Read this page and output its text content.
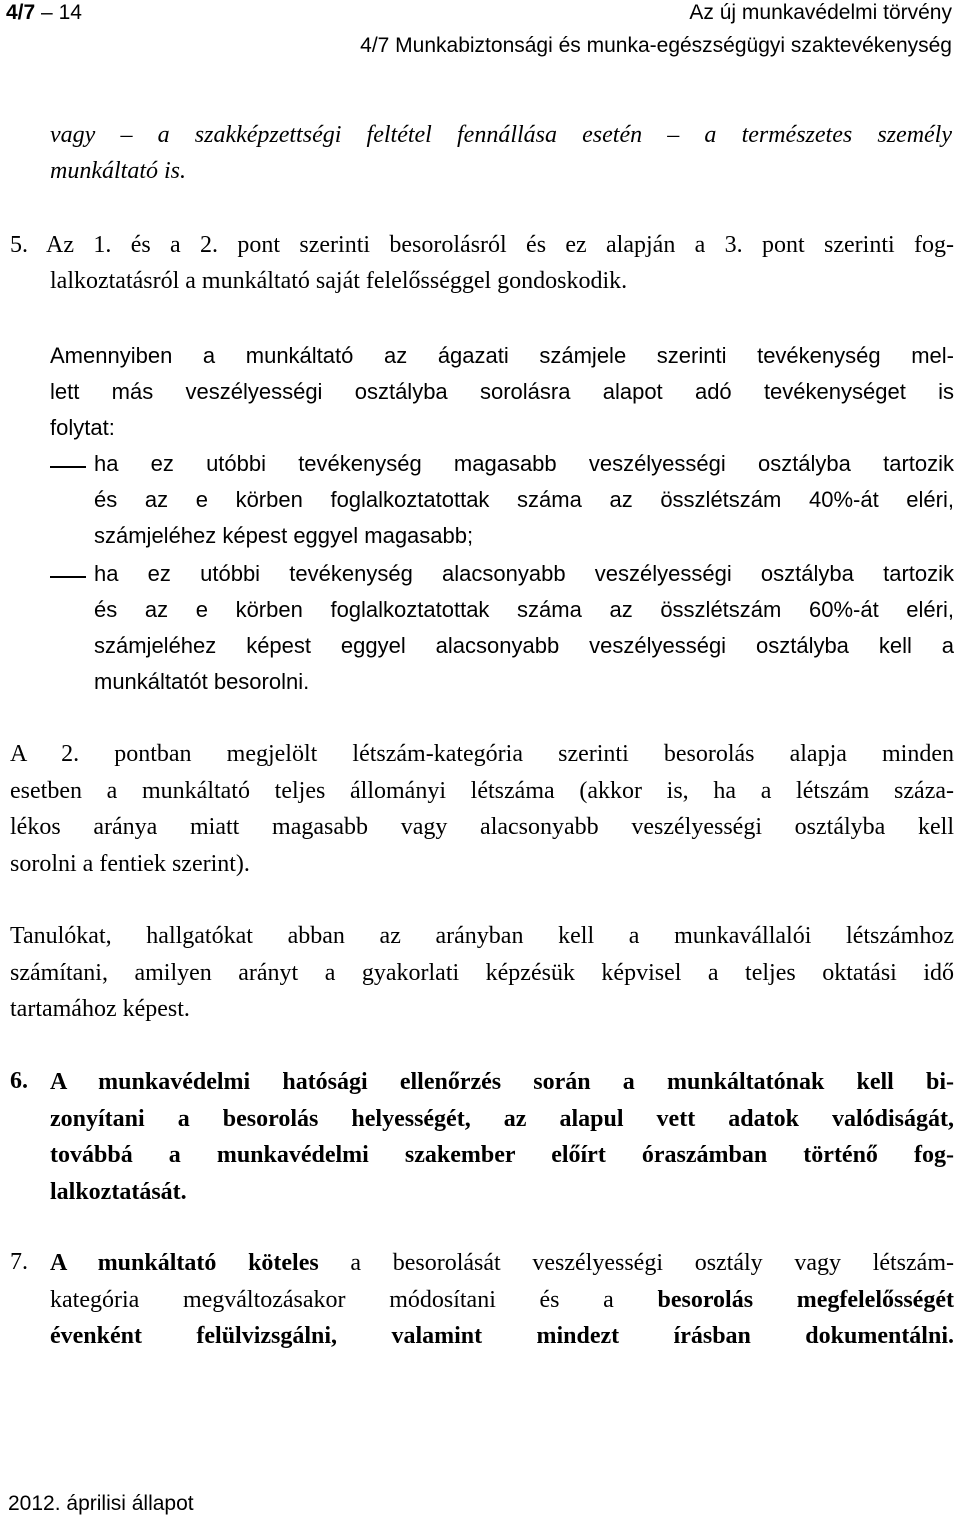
4/7 – 14	Az új munkavédelmi törvény
4/7 Munkabiztonsági és munka-egészségügyi szaktevékenység
vagy – a szakképzettségi feltétel fennállása esetén – a természetes személy
munkáltató is.
5. Az 1. és a 2. pont szerinti besorolásról és ez alapján a 3. pont szerinti fog-
lalkoztatásról a munkáltató saját felelősséggel gondoskodik.
Amennyiben a munkáltató az ágazati számjele szerinti tevékenység mel-
lett más veszélyességi osztályba sorolásra alapot adó tevékenységet is
folytat:
ha ez utóbbi tevékenység magasabb veszélyességi osztályba tartozik
és az e körben foglalkoztatottak száma az összlétszám 40%-át eléri,
számjeléhez képest eggyel magasabb;
ha ez utóbbi tevékenység alacsonyabb veszélyességi osztályba tartozik
és az e körben foglalkoztatottak száma az összlétszám 60%-át eléri,
számjeléhez képest eggyel alacsonyabb veszélyességi osztályba kell a
munkáltatót besorolni.
A 2. pontban megjelölt létszám-kategória szerinti besorolás alapja minden
esetben a munkáltató teljes állományi létszáma (akkor is, ha a létszám száza-
lékos aránya miatt magasabb vagy alacsonyabb veszélyességi osztályba kell
sorolni a fentiek szerint).
Tanulókat, hallgatókat abban az arányban kell a munkavállalói létszámhoz
számítani, amilyen arányt a gyakorlati képzésük képvisel a teljes oktatási idő
tartamához képest.
6. A munkavédelmi hatósági ellenőrzés során a munkáltatónak kell bi-
zonyítani a besorolás helyességét, az alapul vett adatok valódiságát,
továbbá a munkavédelmi szakember előírt óraszámban történő fog-
lalkoztatását.
7. A munkáltató köteles a besorolását veszélyességi osztály vagy létszám-
kategória megváltozásakor módosítani és a besorolás megfelelősségét
évenként felülvizsgálni, valamint mindezt írásban dokumentálni.
2012. áprilisi állapot
